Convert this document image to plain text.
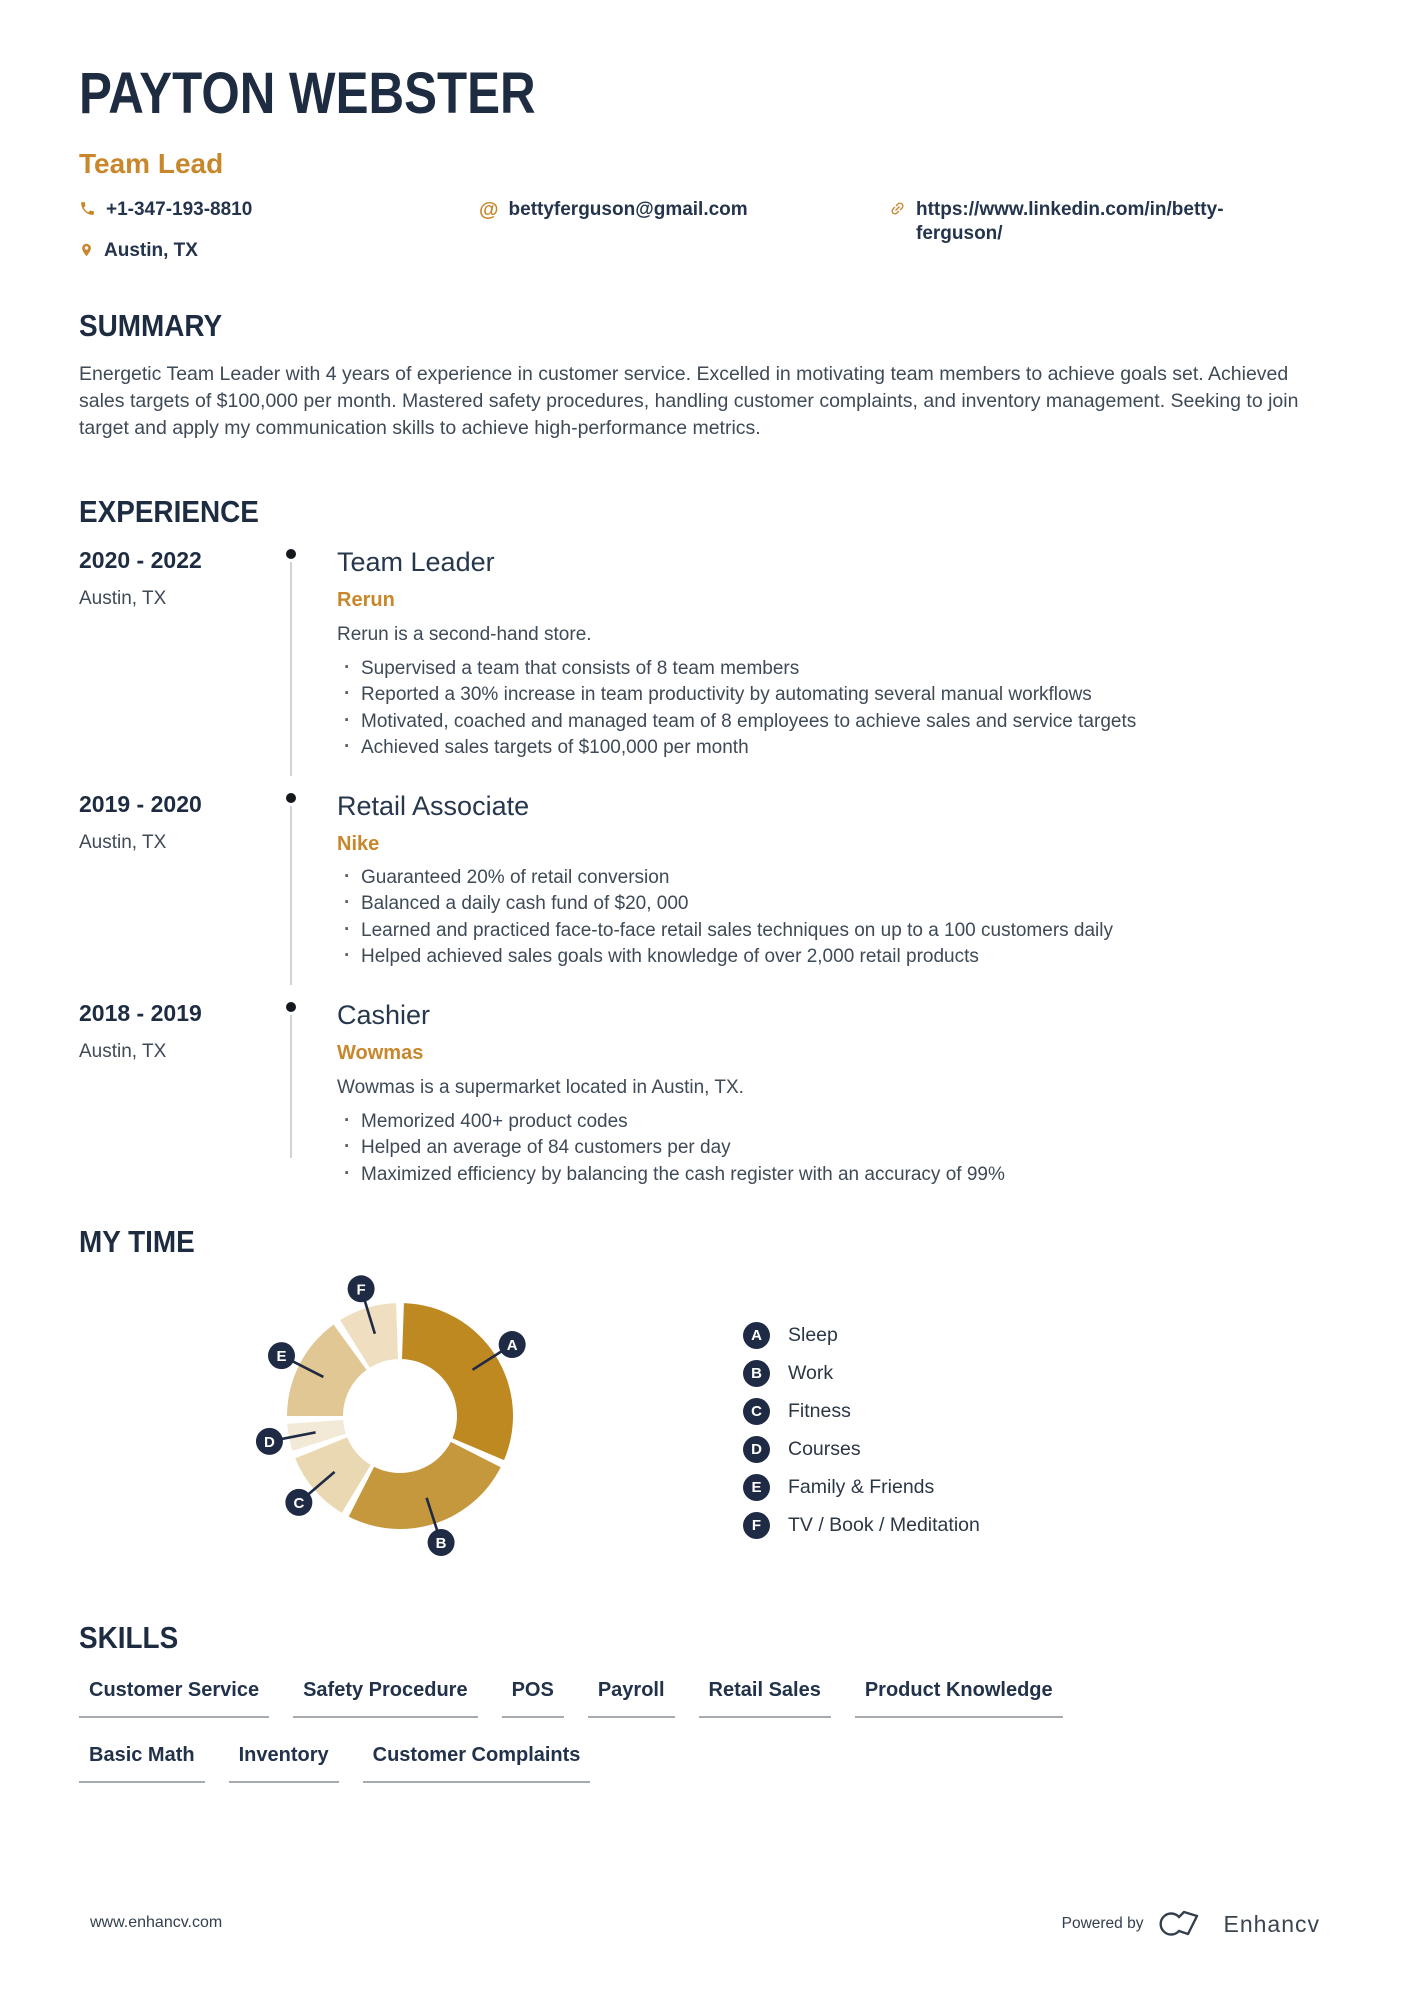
PAYTON WEBSTER
Team Lead
+1-347-193-8810
Austin, TX
@ bettyferguson@gmail.com	https://www.linkedin.com/in/betty-ferguson/
SUMMARY

Energetic Team Leader with 4 years of experience in customer service. Excelled in motivating team members to achieve goals set. Achieved sales targets of $100,000 per month. Mastered safety procedures, handling customer complaints, and inventory management. Seeking to join target and apply my communication skills to achieve high-performance metrics.

EXPERIENCE
2020 - 2022
Austin, TX
Team Leader
Rerun
Rerun is a second-hand store.
· Supervised a team that consists of 8 team members
· Reported a 30% increase in team productivity by automating several manual workflows
· Motivated, coached and managed team of 8 employees to achieve sales and service targets
· Achieved sales targets of $100,000 per month
2019 - 2020
Austin, TX
Retail Associate
Nike
· Guaranteed 20% of retail conversion
· Balanced a daily cash fund of $20, 000
· Learned and practiced face-to-face retail sales techniques on up to a 100 customers daily
· Helped achieved sales goals with knowledge of over 2,000 retail products
2018 - 2019
Austin, TX
Cashier
Wowmas
Wowmas is a supermarket located in Austin, TX.
· Memorized 400+ product codes
· Helped an average of 84 customers per day
· Maximized efficiency by balancing the cash register with an accuracy of 99%
MY TIME
A
B
C
D
E
F
A	Sleep
B	Work
C	Fitness
D	Courses
E	Family & Friends
F	TV / Book / Meditation
SKILLS
Customer Service Safety Procedure POS Payroll Retail Sales Product Knowledge
Basic Math Inventory Customer Complaints
www.enhancv.com	Powered by	Enhancv
